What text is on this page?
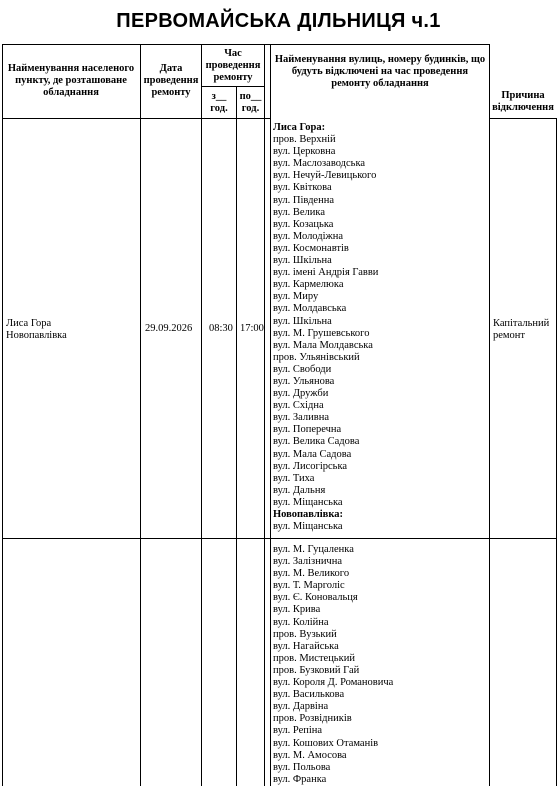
ПЕРВОМАЙСЬКА ДІЛЬНИЦЯ ч.1
Найменування населеного пункту, де розташоване обладнання
Дата проведення ремонту
Час проведення ремонту
з__ год.
по__ год.
Найменування вулиць, номеру будинків, що будуть відключені на час проведення ремонту обладнання
Причина відключення
Лиса Гора
Новопавлівка
29.09.2026 08:30 17:00	Капітальний
ремонт
Лиса Гора:
пров. Верхній
вул. Церковна
вул. Маслозаводська
вул. Нечуй-Левицького
вул. Квіткова
вул. Південна
вул. Велика
вул. Козацька
вул. Молодіжна
вул. Космонавтів
вул. Шкільна
вул. імені Андрія Гавви
вул. Кармелюка
вул. Миру
вул. Молдавська
вул. Шкільна
вул. М. Грушевського
вул. Мала Молдавська
пров. Ульянівський
вул. Свободи
вул. Ульянова
вул. Дружби
вул. Східна
вул. Заливна
вул. Поперечна
вул. Велика Садова
вул. Мала Садова
вул. Лисогірська
вул. Тиха
вул. Дальня
вул. Міщанська
Новопавлівка:
вул. Міщанська
вул. М. Гуцаленка
вул. Залізнична
вул. М. Великого
вул. Т. Марголіс
вул. Є. Коновальця
вул. Крива
вул. Колійна
пров. Вузький
вул. Нагайська
пров. Мистецький
пров. Бузковий Гай
вул. Короля Д. Романовича
вул. Василькова
вул. Дарвіна
пров. Розвідників
вул. Репіна
вул. Кошових Отаманів
вул. М. Амосова
вул. Польова
вул. Франка
